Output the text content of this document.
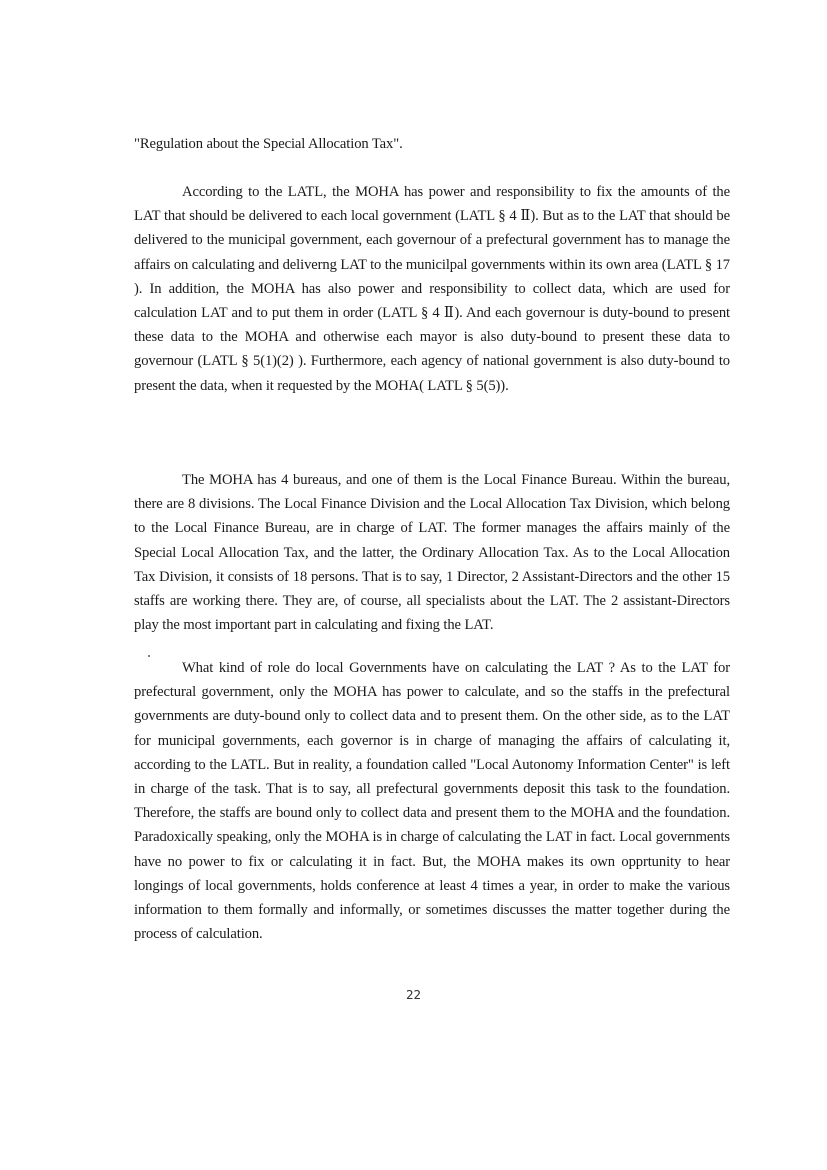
"Regulation about the Special Allocation Tax".

According to the LATL, the MOHA has power and responsibility to fix the amounts of the LAT that should be delivered to each local government (LATL § 4 Ⅱ). But as to the LAT that should be delivered to the municipal government, each governour of a prefectural government has to manage the affairs on calculating and deliverng LAT to the municilpal governments within its own area (LATL § 17 ). In addition, the MOHA has also power and responsibility to collect data, which are used for calculation LAT and to put them in order (LATL § 4 Ⅱ). And each governour is duty-bound to present these data to the MOHA and otherwise each mayor is also duty-bound to present these data to governour (LATL § 5(1)(2) ). Furthermore, each agency of national government is also duty-bound to present the data, when it requested by the MOHA( LATL § 5(5)).

The MOHA has 4 bureaus, and one of them is the Local Finance Bureau. Within the bureau, there are 8 divisions. The Local Finance Division and the Local Allocation Tax Division, which belong to the Local Finance Bureau, are in charge of LAT. The former manages the affairs mainly of the Special Local Allocation Tax, and the latter, the Ordinary Allocation Tax. As to the Local Allocation Tax Division, it consists of 18 persons. That is to say, 1 Director, 2 Assistant-Directors and the other 15 staffs are working there. They are, of course, all specialists about the LAT. The 2 assistant-Directors play the most important part in calculating and fixing the LAT.

What kind of role do local Governments have on calculating the LAT ? As to the LAT for prefectural government, only the MOHA has power to calculate, and so the staffs in the prefectural governments are duty-bound only to collect data and to present them. On the other side, as to the LAT for municipal governments, each governor is in charge of managing the affairs of calculating it, according to the LATL. But in reality, a foundation called "Local Autonomy Information Center" is left in charge of the task. That is to say, all prefectural governments deposit this task to the foundation. Therefore, the staffs are bound only to collect data and present them to the MOHA and the foundation. Paradoxically speaking, only the MOHA is in charge of calculating the LAT in fact. Local governments have no power to fix or calculating it in fact. But, the MOHA makes its own opprtunity to hear longings of local governments, holds conference at least 4 times a year, in order to make the various information to them formally and informally, or sometimes discusses the matter together during the process of calculation.

22
